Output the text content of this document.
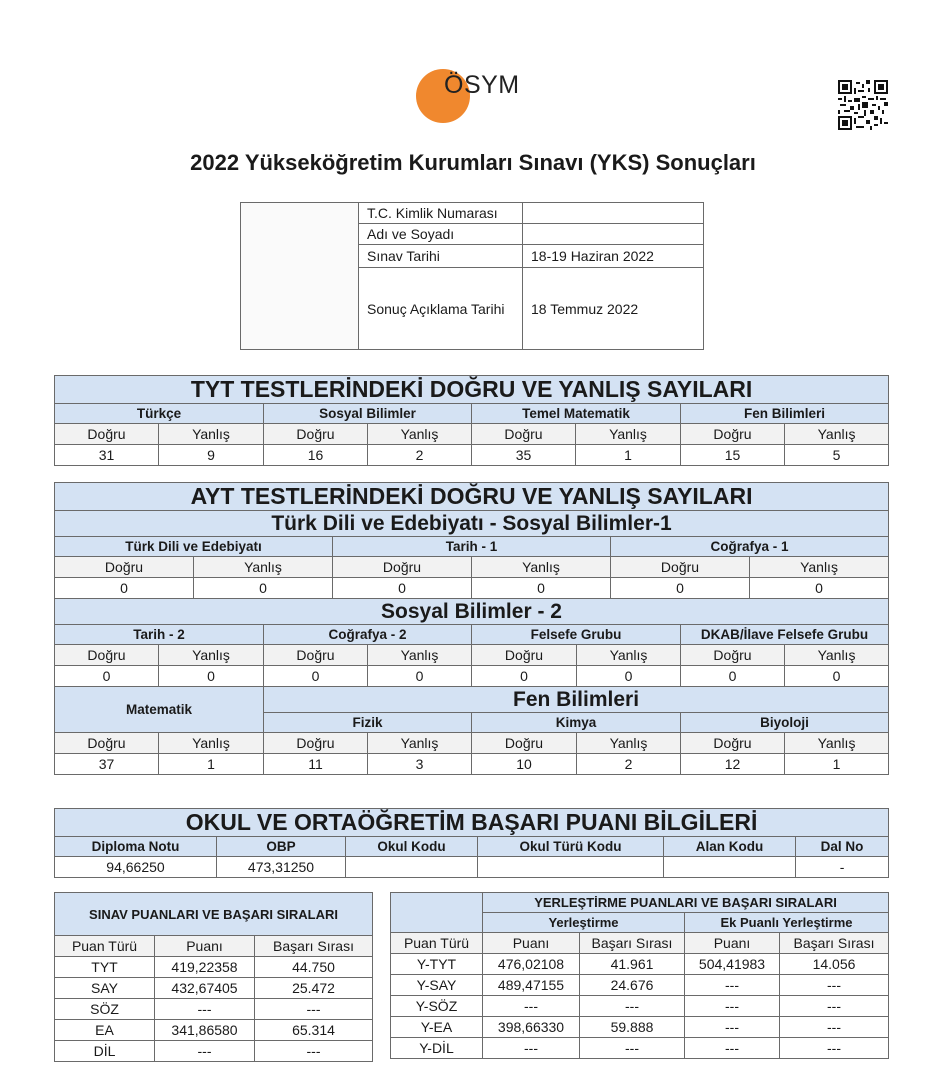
ÖSYM
2022 Yükseköğretim Kurumları Sınavı (YKS) Sonuçları
	T.C. Kimlik Numarası	
	Adı ve Soyadı	
	Sınav Tarihi	18-19 Haziran 2022
	Sonuç Açıklama Tarihi	18 Temmuz 2022
TYT TESTLERİNDEKİ DOĞRU VE YANLIŞ SAYILARI							
Türkçe		Sosyal Bilimler		Temel Matematik		Fen Bilimleri	
Doğru	Yanlış	Doğru	Yanlış	Doğru	Yanlış	Doğru	Yanlış
31	9	16	2	35	1	15	5
AYT TESTLERİNDEKİ DOĞRU VE YANLIŞ SAYILARI											
Türk Dili ve Edebiyatı - Sosyal Bilimler-1											
Türk Dili ve Edebiyatı				Tarih - 1				Coğrafya - 1			
Doğru		Yanlış		Doğru		Yanlış		Doğru		Yanlış	
0		0		0		0		0		0	
Sosyal Bilimler - 2											
Tarih - 2			Coğrafya - 2			Felsefe Grubu			DKAB/İlave Felsefe Grubu		
Doğru	Yanlış		Doğru		Yanlış	Doğru	Yanlış		Doğru		Yanlış
0	0		0		0	0	0		0		0
Matematik			Fen Bilimleri								
			Fizik			Kimya			Biyoloji		
Doğru	Yanlış		Doğru		Yanlış	Doğru	Yanlış		Doğru		Yanlış
37	1		11		3	10	2		12		1
OKUL VE ORTAÖĞRETİM BAŞARI PUANI BİLGİLERİ					
Diploma Notu	OBP	Okul Kodu	Okul Türü Kodu	Alan Kodu	Dal No
94,66250	473,31250				-
SINAV PUANLARI VE BAŞARI SIRALARI		
Puan Türü	Puanı	Başarı Sırası
TYT	419,22358	44.750
SAY	432,67405	25.472
SÖZ	---	---
EA	341,86580	65.314
DİL	---	---
	YERLEŞTİRME PUANLARI VE BAŞARI SIRALARI			
	Yerleştirme		Ek Puanlı Yerleştirme	
Puan Türü	Puanı	Başarı Sırası	Puanı	Başarı Sırası
Y-TYT	476,02108	41.961	504,41983	14.056
Y-SAY	489,47155	24.676	---	---
Y-SÖZ	---	---	---	---
Y-EA	398,66330	59.888	---	---
Y-DİL	---	---	---	---
